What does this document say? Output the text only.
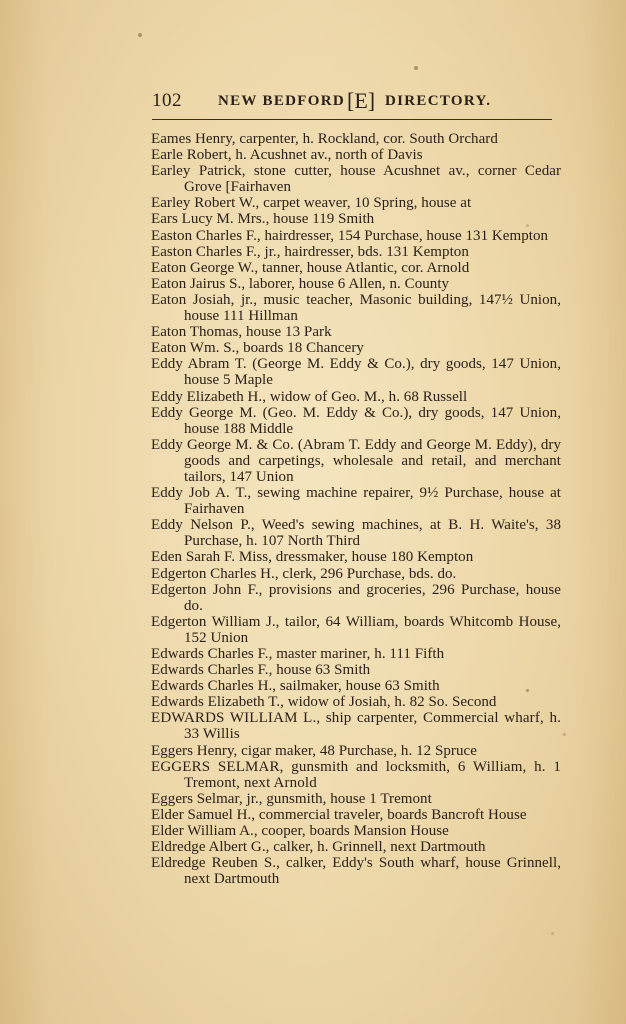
102 NEW BEDFORD [E] DIRECTORY.
Eames Henry, carpenter, h. Rockland, cor. South Orchard
Earle Robert, h. Acushnet av., north of Davis
Earley Patrick, stone cutter, house Acushnet av., corner Cedar Grove [Fairhaven
Earley Robert W., carpet weaver, 10 Spring, house at
Ears Lucy M. Mrs., house 119 Smith
Easton Charles F., hairdresser, 154 Purchase, house 131 Kempton
Easton Charles F., jr., hairdresser, bds. 131 Kempton
Eaton George W., tanner, house Atlantic, cor. Arnold
Eaton Jairus S., laborer, house 6 Allen, n. County
Eaton Josiah, jr., music teacher, Masonic building, 147½ Union, house 111 Hillman
Eaton Thomas, house 13 Park
Eaton Wm. S., boards 18 Chancery
Eddy Abram T. (George M. Eddy & Co.), dry goods, 147 Union, house 5 Maple
Eddy Elizabeth H., widow of Geo. M., h. 68 Russell
Eddy George M. (Geo. M. Eddy & Co.), dry goods, 147 Union, house 188 Middle
Eddy George M. & Co. (Abram T. Eddy and George M. Eddy), dry goods and carpetings, wholesale and retail, and merchant tailors, 147 Union
Eddy Job A. T., sewing machine repairer, 9½ Purchase, house at Fairhaven
Eddy Nelson P., Weed's sewing machines, at B. H. Waite's, 38 Purchase, h. 107 North Third
Eden Sarah F. Miss, dressmaker, house 180 Kempton
Edgerton Charles H., clerk, 296 Purchase, bds. do.
Edgerton John F., provisions and groceries, 296 Purchase, house do.
Edgerton William J., tailor, 64 William, boards Whitcomb House, 152 Union
Edwards Charles F., master mariner, h. 111 Fifth
Edwards Charles F., house 63 Smith
Edwards Charles H., sailmaker, house 63 Smith
Edwards Elizabeth T., widow of Josiah, h. 82 So. Second
EDWARDS WILLIAM L., ship carpenter, Commercial wharf, h. 33 Willis
Eggers Henry, cigar maker, 48 Purchase, h. 12 Spruce
EGGERS SELMAR, gunsmith and locksmith, 6 William, h. 1 Tremont, next Arnold
Eggers Selmar, jr., gunsmith, house 1 Tremont
Elder Samuel H., commercial traveler, boards Bancroft House
Elder William A., cooper, boards Mansion House
Eldredge Albert G., calker, h. Grinnell, next Dartmouth
Eldredge Reuben S., calker, Eddy's South wharf, house Grinnell, next Dartmouth
